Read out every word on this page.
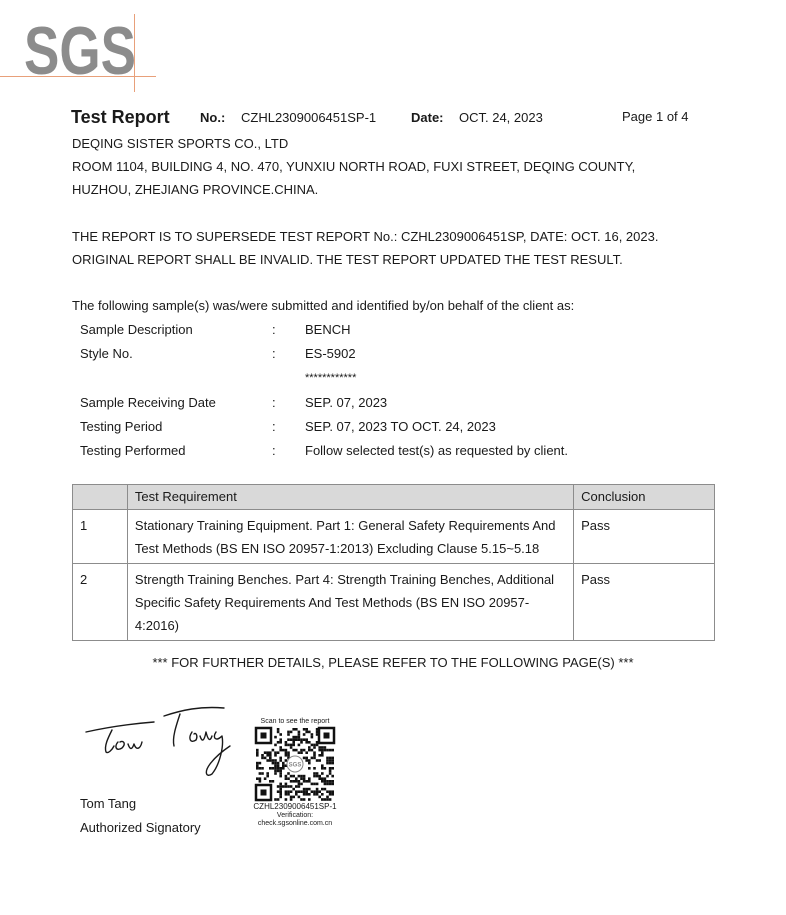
SGS
Test Report No.: CZHL2309006451SP-1	Date: OCT. 24, 2023	Page 1 of 4
DEQING SISTER SPORTS CO., LTD
ROOM 1104, BUILDING 4, NO. 470, YUNXIU NORTH ROAD, FUXI STREET, DEQING COUNTY,
HUZHOU, ZHEJIANG PROVINCE.CHINA.
THE REPORT IS TO SUPERSEDE TEST REPORT No.: CZHL2309006451SP, DATE: OCT. 16, 2023.
ORIGINAL REPORT SHALL BE INVALID. THE TEST REPORT UPDATED THE TEST RESULT.
The following sample(s) was/were submitted and identified by/on behalf of the client as:
Sample Description	: BENCH
Style No.	: ES-5902
************
Sample Receiving Date	: SEP. 07, 2023
Testing Period	: SEP. 07, 2023 TO OCT. 24, 2023
Testing Performed	: Follow selected test(s) as requested by client.
	Test Requirement	Conclusion
1	Stationary Training Equipment. Part 1: General Safety Requirements And Test Methods (BS EN ISO 20957-1:2013) Excluding Clause 5.15~5.18	Pass
2	Strength Training Benches. Part 4: Strength Training Benches, Additional Specific Safety Requirements And Test Methods (BS EN ISO 20957-4:2016)	Pass
*** FOR FURTHER DETAILS, PLEASE REFER TO THE FOLLOWING PAGE(S) ***
Tom Tang
Authorized Signatory
Scan to see the report
SGS
CZHL2309006451SP-1
Verification:
check.sgsonline.com.cn
